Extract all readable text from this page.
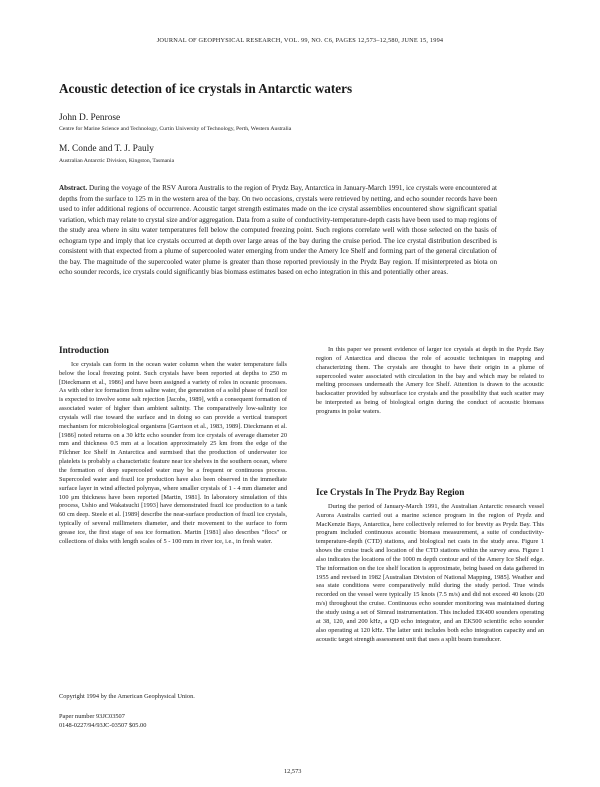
JOURNAL OF GEOPHYSICAL RESEARCH, VOL. 99, NO. C6, PAGES 12,573–12,580, JUNE 15, 1994
Acoustic detection of ice crystals in Antarctic waters
John D. Penrose
Centre for Marine Science and Technology, Curtin University of Technology, Perth, Western Australia
M. Conde and T. J. Pauly
Australian Antarctic Division, Kingston, Tasmania

Abstract. During the voyage of the RSV Aurora Australis to the region of Prydz Bay, Antarctica in January-March 1991, ice crystals were encountered at depths from the surface to 125 m in the western area of the bay. On two occasions, crystals were retrieved by netting, and echo sounder records have been used to infer additional regions of occurrence. Acoustic target strength estimates made on the ice crystal assemblies encountered show significant spatial variation, which may relate to crystal size and/or aggregation. Data from a suite of conductivity-temperature-depth casts have been used to map regions of the study area where in situ water temperatures fell below the computed freezing point. Such regions correlate well with those selected on the basis of echogram type and imply that ice crystals occurred at depth over large areas of the bay during the cruise period. The ice crystal distribution described is consistent with that expected from a plume of supercooled water emerging from under the Amery Ice Shelf and forming part of the general circulation of the bay. The magnitude of the supercooled water plume is greater than those reported previously in the Prydz Bay region. If misinterpreted as biota on echo sounder records, ice crystals could significantly bias biomass estimates based on echo integration in this and potentially other areas.

Introduction

Ice crystals can form in the ocean water column when the water temperature falls below the local freezing point. Such crystals have been reported at depths to 250 m [Dieckmann et al., 1986] and have been assigned a variety of roles in oceanic processes. As with other ice formation from saline water, the generation of a solid phase of frazil ice is expected to involve some salt rejection [Jacobs, 1989], with a consequent formation of associated water of higher than ambient salinity. The comparatively low-salinity ice crystals will rise toward the surface and in doing so can provide a vertical transport mechanism for microbiological organisms [Garrison et al., 1983, 1989]. Dieckmann et al. [1986] noted returns on a 30 kHz echo sounder from ice crystals of average diameter 20 mm and thickness 0.5 mm at a location approximately 25 km from the edge of the Filchner Ice Shelf in Antarctica and surmised that the production of underwater ice platelets is probably a characteristic feature near ice shelves in the southern ocean, where the formation of deep supercooled water may be a frequent or continuous process. Supercooled water and frazil ice production have also been observed in the immediate surface layer in wind affected polynyas, where smaller crystals of 1 - 4 mm diameter and 100 μm thickness have been reported [Martin, 1981]. In laboratory simulation of this process, Ushio and Wakatsuchi [1993] have demonstrated frazil ice production to a tank 60 cm deep. Steele et al. [1989] describe the near-surface production of frazil ice crystals, typically of several millimeters diameter, and their movement to the surface to form grease ice, the first stage of sea ice formation. Martin [1981] also describes "flocs" or collections of disks with length scales of 5 - 100 mm in river ice, i.e., in fresh water.

In this paper we present evidence of larger ice crystals at depth in the Prydz Bay region of Antarctica and discuss the role of acoustic techniques in mapping and characterizing them. The crystals are thought to have their origin in a plume of supercooled water associated with circulation in the bay and which may be related to melting processes underneath the Amery Ice Shelf. Attention is drawn to the acoustic backscatter provided by subsurface ice crystals and the possibility that such scatter may be interpreted as being of biological origin during the conduct of acoustic biomass programs in polar waters.

Ice Crystals In The Prydz Bay Region

During the period of January-March 1991, the Australian Antarctic research vessel Aurora Australis carried out a marine science program in the region of Prydz and MacKenzie Bays, Antarctica, here collectively referred to for brevity as Prydz Bay. This program included continuous acoustic biomass measurement, a suite of conductivity-temperature-depth (CTD) stations, and biological net casts in the study area. Figure 1 shows the cruise track and location of the CTD stations within the survey area. Figure 1 also indicates the locations of the 1000 m depth contour and of the Amery Ice Shelf edge. The information on the ice shelf location is approximate, being based on data gathered in 1955 and revised in 1982 [Australian Division of National Mapping, 1985]. Weather and sea state conditions were comparatively mild during the study period. True winds recorded on the vessel were typically 15 knots (7.5 m/s) and did not exceed 40 knots (20 m/s) throughout the cruise. Continuous echo sounder monitoring was maintained during the study using a set of Simrad instrumentation. This included EK400 sounders operating at 38, 120, and 200 kHz, a QD echo integrator, and an EK500 scientific echo sounder also operating at 120 kHz. The latter unit includes both echo integration capacity and an acoustic target strength assessment unit that uses a split beam transducer.

Copyright 1994 by the American Geophysical Union.
Paper number 93JC03507
0148-0227/94/93JC-03507 $05.00
12,573
